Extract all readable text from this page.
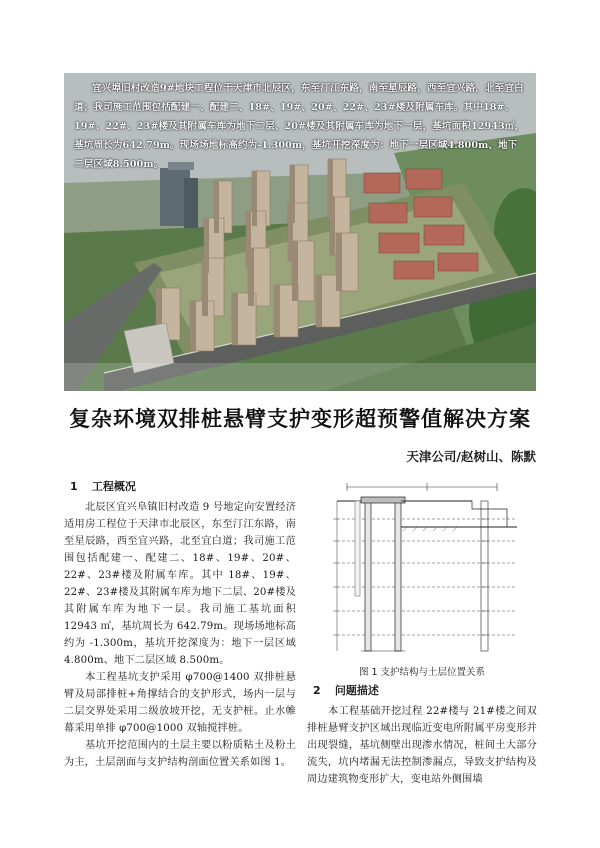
宜兴埠旧村改造9#地块工程位于天津市北辰区，东至汀江东路，南至星辰路，西至宜兴路，北至宜白道；我司施工范围包括配建一、配建二、18#、19#、20#、22#、23#楼及附属车库。其中18#、19#、22#、23#楼及其附属车库为地下二层、20#楼及其附属车库为地下一层，基坑面积12943㎡，基坑周长为642.79m。现场场地标高约为-1.300m，基坑开挖深度为：地下一层区域4.800m、地下二层区域8.500m。

复杂环境双排桩悬臂支护变形超预警值解决方案

天津公司/赵树山、陈默

1 工程概况

北辰区宜兴阜镇旧村改造 9 号地定向安置经济适用房工程位于天津市北辰区，东至汀江东路，南至星辰路，西至宜兴路，北至宜白道；我司施工范围包括配建一、配建二、18#、19#、20#、22#、23#楼及附属车库。其中 18#、19#、22#、23#楼及其附属车库为地下二层、20#楼及其附属车库为地下一层。我司施工基坑面积 12943 ㎡，基坑周长为 642.79m。现场场地标高约为 -1.300m，基坑开挖深度为：地下一层区域 4.800m、地下二层区域 8.500m。

本工程基坑支护采用 φ700@1400 双排桩悬臂及局部排桩+角撑结合的支护形式，场内一层与二层交界处采用二级放坡开挖，无支护桩。止水帷幕采用单排 φ700@1000 双轴搅拌桩。

基坑开挖范围内的土层主要以粉质粘土及粉土为主，土层剖面与支护结构剖面位置关系如图 1。

图 1 支护结构与土层位置关系

2 问题描述

本工程基础开挖过程 22#楼与 21#楼之间双排桩悬臂支护区域出现临近变电所附属平房变形并出现裂缝，基坑侧壁出现渗水情况，桩间土大部分流失，坑内堵漏无法控制渗漏点，导致支护结构及周边建筑物变形扩大，变电站外侧围墙
